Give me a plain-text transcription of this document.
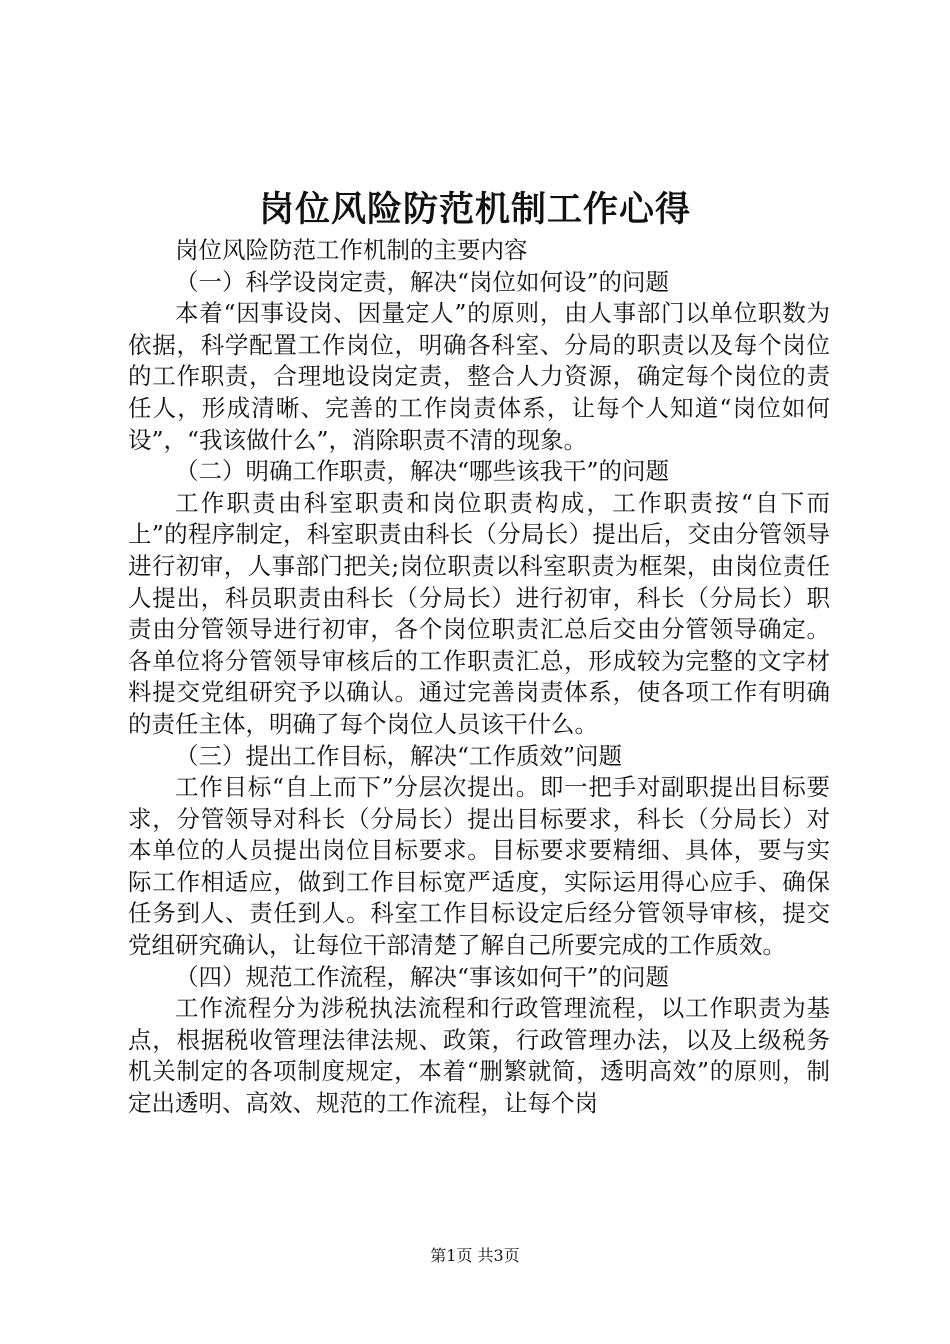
岗位风险防范机制工作心得

岗位风险防范工作机制的主要内容

（一）科学设岗定责，解决“岗位如何设”的问题

本着“因事设岗、因量定人”的原则，由人事部门以单位职数为依据，科学配置工作岗位，明确各科室、分局的职责以及每个岗位的工作职责，合理地设岗定责，整合人力资源，确定每个岗位的责任人，形成清晰、完善的工作岗责体系，让每个人知道“岗位如何设”，“我该做什么”，消除职责不清的现象。

（二）明确工作职责，解决“哪些该我干”的问题

工作职责由科室职责和岗位职责构成，工作职责按“自下而上”的程序制定，科室职责由科长（分局长）提出后，交由分管领导进行初审，人事部门把关;岗位职责以科室职责为框架，由岗位责任人提出，科员职责由科长（分局长）进行初审，科长（分局长）职责由分管领导进行初审，各个岗位职责汇总后交由分管领导确定。各单位将分管领导审核后的工作职责汇总，形成较为完整的文字材料提交党组研究予以确认。通过完善岗责体系，使各项工作有明确的责任主体，明确了每个岗位人员该干什么。

（三）提出工作目标，解决“工作质效”问题

工作目标“自上而下”分层次提出。即一把手对副职提出目标要求，分管领导对科长（分局长）提出目标要求，科长（分局长）对本单位的人员提出岗位目标要求。目标要求要精细、具体，要与实际工作相适应，做到工作目标宽严适度，实际运用得心应手、确保任务到人、责任到人。科室工作目标设定后经分管领导审核，提交党组研究确认，让每位干部清楚了解自己所要完成的工作质效。

（四）规范工作流程，解决“事该如何干”的问题

工作流程分为涉税执法流程和行政管理流程，以工作职责为基点，根据税收管理法律法规、政策，行政管理办法，以及上级税务机关制定的各项制度规定，本着“删繁就简，透明高效”的原则，制定出透明、高效、规范的工作流程，让每个岗

第1页 共3页
